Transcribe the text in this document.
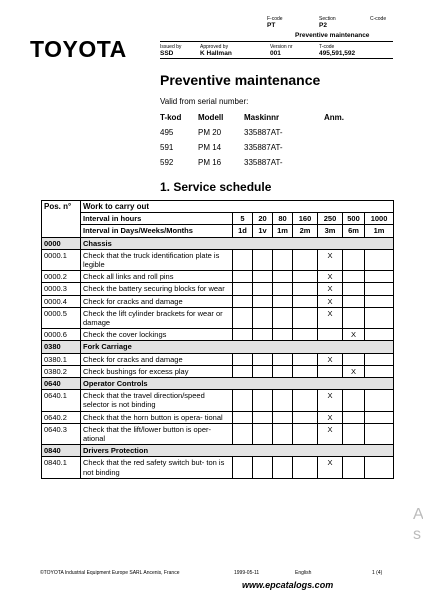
TOYOTA
F-code
PT
Section
P2
C-code
Preventive maintenance
Issued by
SSD
Approved by
K Hallman
Version nr
001
T-code
495,591,592
Preventive maintenance
Valid from serial number:
T-kod	Modell	Maskinnr	Anm.
495	PM 20	335887AT-	
591	PM 14	335887AT-	
592	PM 16	335887AT-	
1. Service schedule
Pos. n°	Work to carry out							
	Interval in hours	5	20	80	160	250	500	1000
	Interval in Days/Weeks/Months	1d	1v	1m	2m	3m	6m	1m
0000	Chassis							
0000.1	Check that the truck identification plate is legible					X		
0000.2	Check all links and roll pins					X		
0000.3	Check the battery securing blocks for wear					X		
0000.4	Check for cracks and damage					X		
0000.5	Check the lift cylinder brackets for wear or damage					X		
0000.6	Check the cover lockings						X	
0380	Fork Carriage							
0380.1	Check for cracks and damage					X		
0380.2	Check bushings for excess play						X	
0640	Operator Controls							
0640.1	Check that the travel direction/speed selector is not binding					X		
0640.2	Check that the horn button is opera- tional					X		
0640.3	Check that the lift/lower button is oper- ational					X		
0840	Drivers Protection							
0840.1	Check that the red safety switch but- ton is not binding					X		
©TOYOTA Industrial Equipment Europe SARL Ancenis, France	1999-05-11	English	1 (4)
www.epcatalogs.com
A s
